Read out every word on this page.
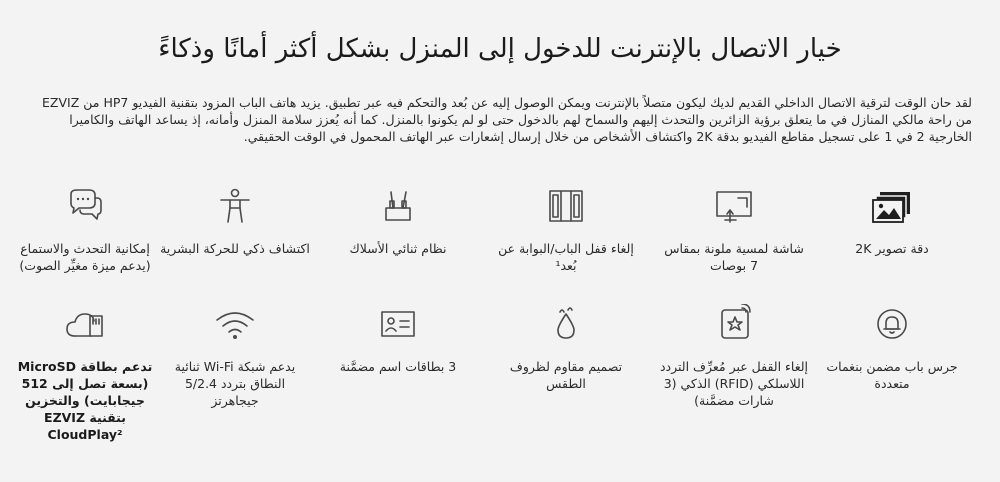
خيار الاتصال بالإنترنت للدخول إلى المنزل بشكل أكثر أمانًا وذكاءً

لقد حان الوقت لترقية الاتصال الداخلي القديم لديك ليكون متصلاً بالإنترنت ويمكن الوصول إليه عن بُعد والتحكم فيه عبر تطبيق. يزيد هاتف الباب المزود بتقنية الفيديو HP7 من EZVIZ من راحة مالكي المنازل في ما يتعلق برؤية الزائرين والتحدث إليهم والسماح لهم بالدخول حتى لو لم يكونوا بالمنزل. كما أنه يُعزز سلامة المنزل وأمانه، إذ يساعد الهاتف والكاميرا الخارجية 2 في 1 على تسجيل مقاطع الفيديو بدقة 2K واكتشاف الأشخاص من خلال إرسال إشعارات عبر الهاتف المحمول في الوقت الحقيقي.

دقة تصوير 2K
شاشة لمسية ملونة بمقاس 7 بوصات
إلغاء قفل الباب/البوابة عن بُعد¹
نظام ثنائي الأسلاك
اكتشاف ذكي للحركة البشرية
إمكانية التحدث والاستماع (يدعم ميزة مغيِّر الصوت)
جرس باب مضمن بنغمات متعددة
إلغاء القفل عبر مُعرِّف التردد اللاسلكي (RFID) الذكي (3 شارات مضمَّنة)
تصميم مقاوم لظروف الطقس
3 بطاقات اسم مضمَّنة
يدعم شبكة Wi-Fi ثنائية النطاق بتردد 5/2.4 جيجاهرتز
تدعم بطاقة MicroSD (بسعة تصل إلى 512 جيجابايت) والتخزين بتقنية EZVIZ CloudPlay²
